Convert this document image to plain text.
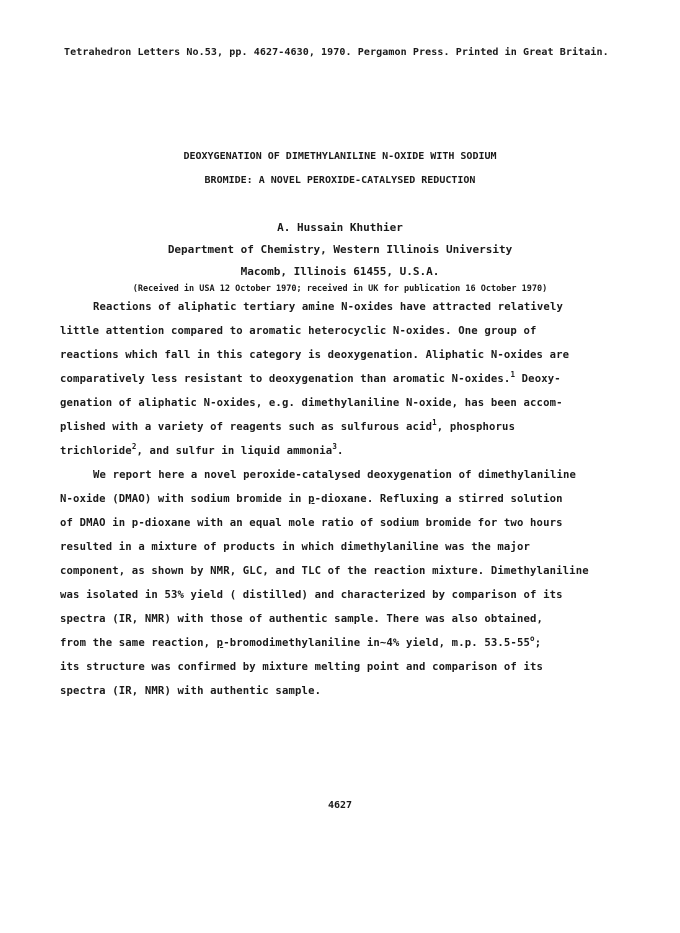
Tetrahedron Letters No.53, pp. 4627-4630, 1970. Pergamon Press. Printed in Great Britain.
DEOXYGENATION OF DIMETHYLANILINE N-OXIDE WITH SODIUM
BROMIDE: A NOVEL PEROXIDE-CATALYSED REDUCTION
A. Hussain Khuthier
Department of Chemistry, Western Illinois University
Macomb, Illinois 61455, U.S.A.
(Received in USA 12 October 1970; received in UK for publication 16 October 1970)
Reactions of aliphatic tertiary amine N-oxides have attracted relatively
little attention compared to aromatic heterocyclic N-oxides. One group of
reactions which fall in this category is deoxygenation. Aliphatic N-oxides are
comparatively less resistant to deoxygenation than aromatic N-oxides.$^1$ Deoxy-
genation of aliphatic N-oxides, e.g. dimethylaniline N-oxide, has been accom-
plished with a variety of reagents such as sulfurous acid$^1$, phosphorus
trichloride$^2$, and sulfur in liquid ammonia$^3$.
We report here a novel peroxide-catalysed deoxygenation of dimethylaniline
N-oxide (DMAO) with sodium bromide in p-dioxane. Refluxing a stirred solution
of DMAO in p-dioxane with an equal mole ratio of sodium bromide for two hours
resulted in a mixture of products in which dimethylaniline was the major
component, as shown by NMR, GLC, and TLC of the reaction mixture. Dimethylaniline
was isolated in 53% yield ( distilled) and characterized by comparison of its
spectra (IR, NMR) with those of authentic sample. There was also obtained,
from the same reaction, p-bromodimethylaniline in~4% yield, m.p. 53.5-55$^o$;
its structure was confirmed by mixture melting point and comparison of its
spectra (IR, NMR) with authentic sample.
4627
